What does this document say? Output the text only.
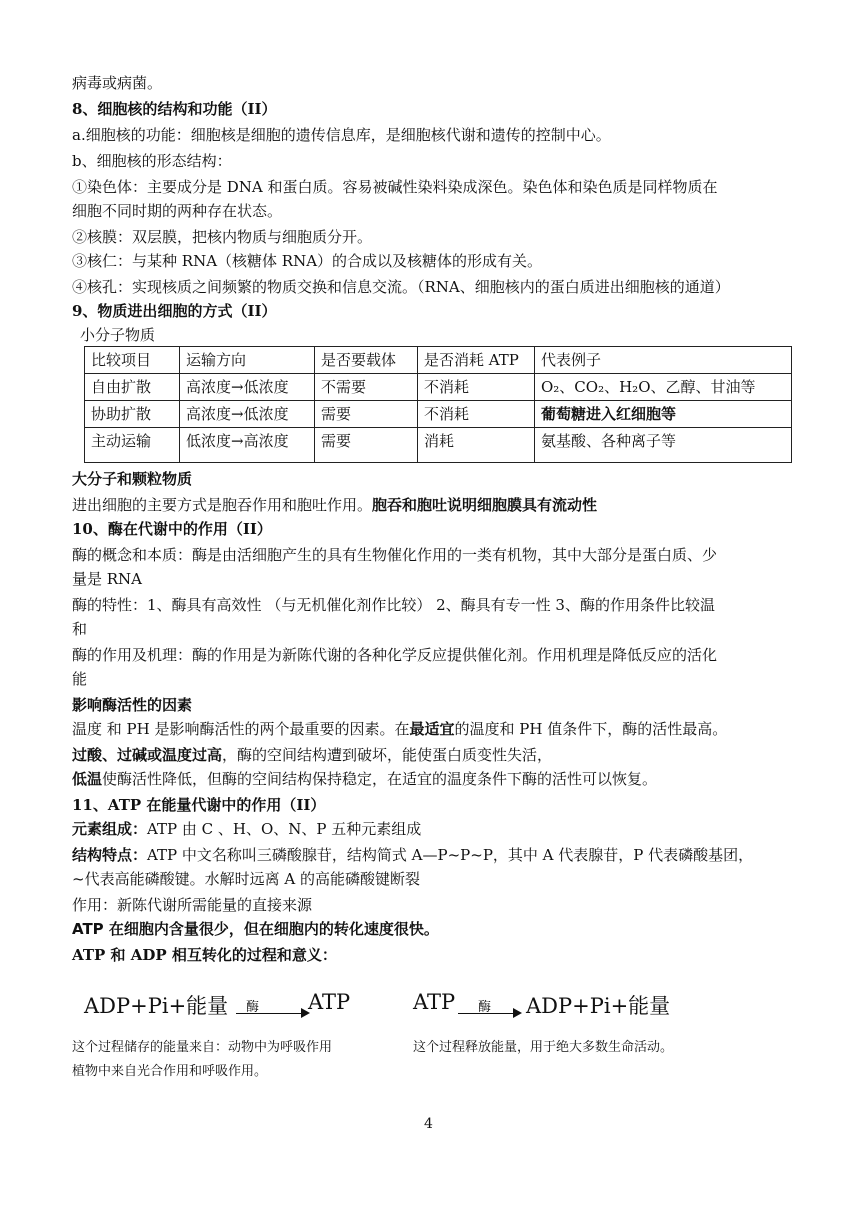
病毒或病菌。
8、细胞核的结构和功能（II）
a.细胞核的功能：细胞核是细胞的遗传信息库，是细胞核代谢和遗传的控制中心。
b、细胞核的形态结构：
①染色体：主要成分是 DNA 和蛋白质。容易被碱性染料染成深色。染色体和染色质是同样物质在
细胞不同时期的两种存在状态。
②核膜：双层膜，把核内物质与细胞质分开。
③核仁：与某种 RNA（核糖体 RNA）的合成以及核糖体的形成有关。
④核孔：实现核质之间频繁的物质交换和信息交流。（RNA、细胞核内的蛋白质进出细胞核的通道）
9、物质进出细胞的方式（II）
小分子物质
比较项目	运输方向	是否要载体	是否消耗 ATP	代表例子
自由扩散	高浓度→低浓度	不需要	不消耗	O₂、CO₂、H₂O、乙醇、甘油等
协助扩散	高浓度→低浓度	需要	不消耗	葡萄糖进入红细胞等
主动运输	低浓度→高浓度	需要	消耗	氨基酸、各种离子等
大分子和颗粒物质
进出细胞的主要方式是胞吞作用和胞吐作用。胞吞和胞吐说明细胞膜具有流动性
10、酶在代谢中的作用（II）
酶的概念和本质：酶是由活细胞产生的具有生物催化作用的一类有机物，其中大部分是蛋白质、少
量是 RNA
酶的特性：1、酶具有高效性 （与无机催化剂作比较） 2、酶具有专一性 3、酶的作用条件比较温
和
酶的作用及机理：酶的作用是为新陈代谢的各种化学反应提供催化剂。作用机理是降低反应的活化
能
影响酶活性的因素
温度 和 PH 是影响酶活性的两个最重要的因素。在最适宜的温度和 PH 值条件下，酶的活性最高。
过酸、过碱或温度过高，酶的空间结构遭到破坏，能使蛋白质变性失活，
低温使酶活性降低，但酶的空间结构保持稳定，在适宜的温度条件下酶的活性可以恢复。
11、ATP 在能量代谢中的作用（II）
元素组成：ATP 由 C 、H、O、N、P 五种元素组成
结构特点：ATP 中文名称叫三磷酸腺苷，结构简式 A—P~P~P，其中 A 代表腺苷，P 代表磷酸基团，
~代表高能磷酸键。水解时远离 A 的高能磷酸键断裂
作用：新陈代谢所需能量的直接来源
ATP 在细胞内含量很少，但在细胞内的转化速度很快。
ATP 和 ADP 相互转化的过程和意义：
ADP+Pi+能量 酶 ATP	ATP 酶 ADP+Pi+能量
这个过程储存的能量来自：动物中为呼吸作用
植物中来自光合作用和呼吸作用。
这个过程释放能量，用于绝大多数生命活动。
4
